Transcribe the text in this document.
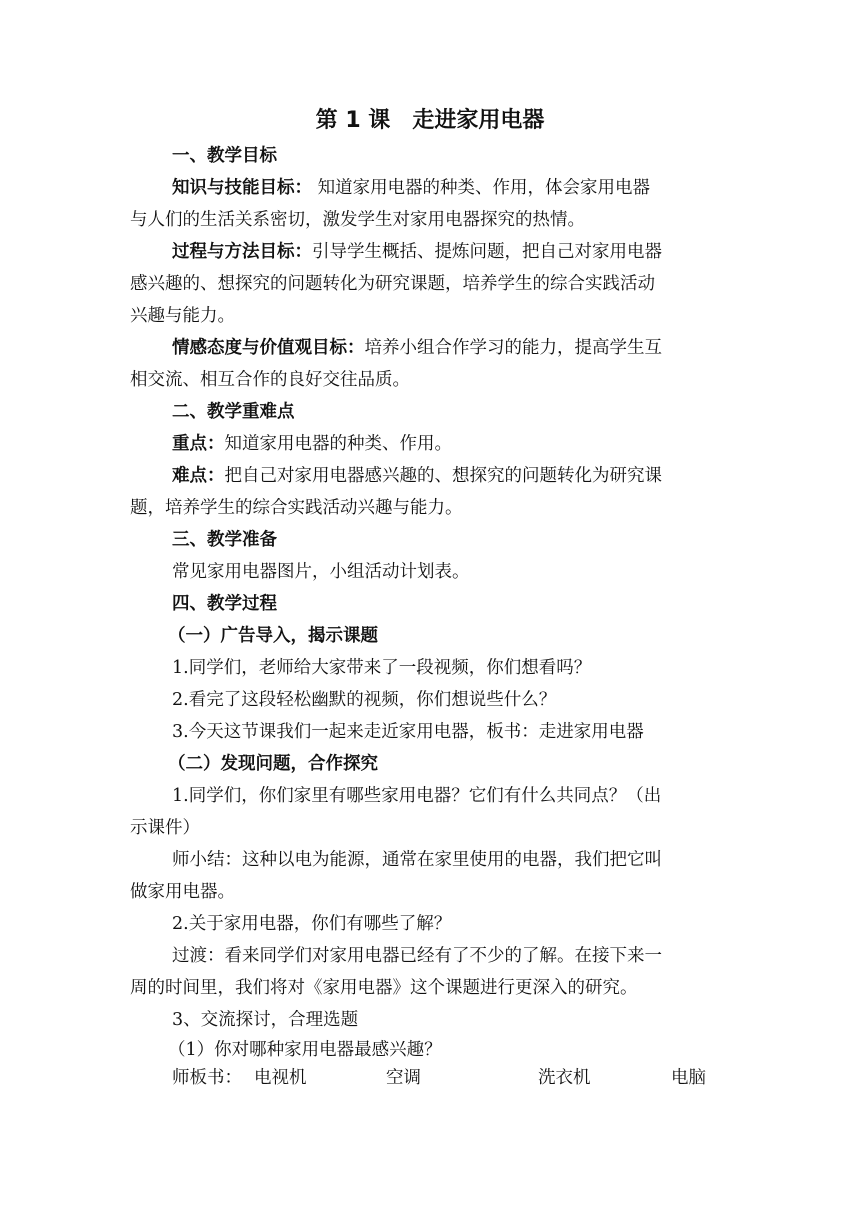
第 1 课 走进家用电器
一、教学目标
知识与技能目标： 知道家用电器的种类、作用，体会家用电器
与人们的生活关系密切，激发学生对家用电器探究的热情。
过程与方法目标：引导学生概括、提炼问题，把自己对家用电器
感兴趣的、想探究的问题转化为研究课题，培养学生的综合实践活动
兴趣与能力。
情感态度与价值观目标：培养小组合作学习的能力，提高学生互
相交流、相互合作的良好交往品质。
二、教学重难点
重点：知道家用电器的种类、作用。
难点：把自己对家用电器感兴趣的、想探究的问题转化为研究课
题，培养学生的综合实践活动兴趣与能力。
三、教学准备
常见家用电器图片，小组活动计划表。
四、教学过程
（一）广告导入，揭示课题
1.同学们，老师给大家带来了一段视频，你们想看吗？
2.看完了这段轻松幽默的视频，你们想说些什么？
3.今天这节课我们一起来走近家用电器，板书：走进家用电器
（二）发现问题，合作探究
1.同学们，你们家里有哪些家用电器？它们有什么共同点？（出
示课件）
师小结：这种以电为能源，通常在家里使用的电器，我们把它叫
做家用电器。
2.关于家用电器，你们有哪些了解？
过渡：看来同学们对家用电器已经有了不少的了解。在接下来一
周的时间里，我们将对《家用电器》这个课题进行更深入的研究。
3、交流探讨，合理选题
（1）你对哪种家用电器最感兴趣？
师板书： 电视机	空调	洗衣机	电脑
